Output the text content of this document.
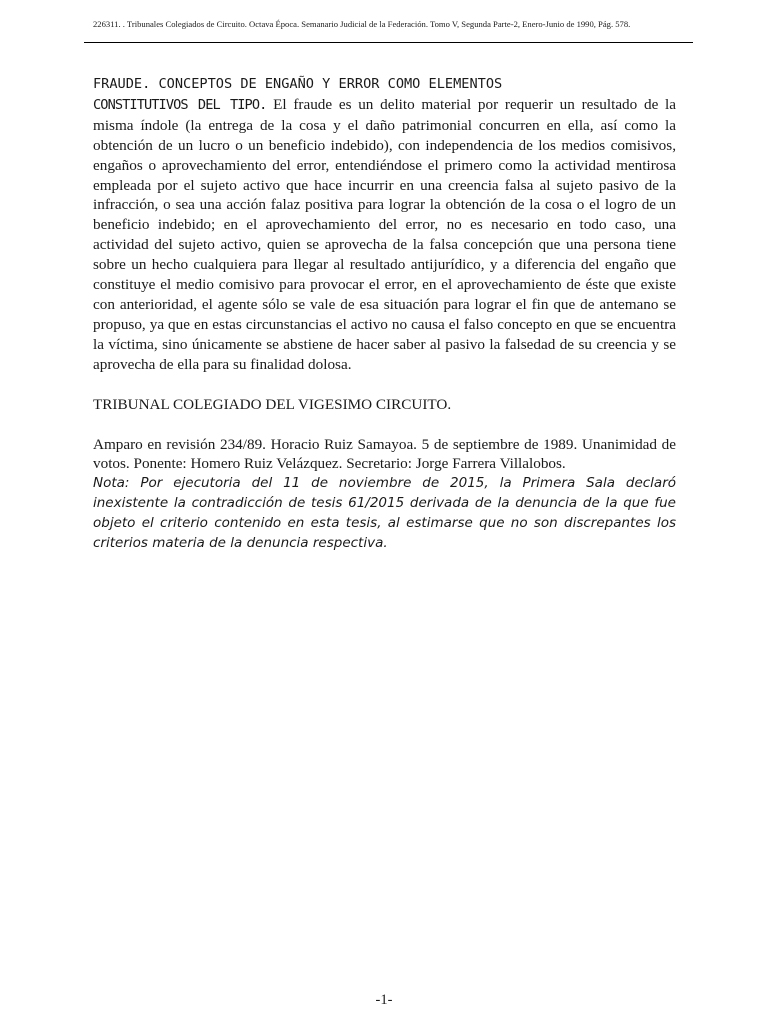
226311. . Tribunales Colegiados de Circuito. Octava Época. Semanario Judicial de la Federación. Tomo V, Segunda Parte-2, Enero-Junio de 1990, Pág. 578.

FRAUDE. CONCEPTOS DE ENGAÑO Y ERROR COMO ELEMENTOS
CONSTITUTIVOS DEL TIPO. El fraude es un delito material por requerir un resultado de la misma índole (la entrega de la cosa y el daño patrimonial concurren en ella, así como la obtención de un lucro o un beneficio indebido), con independencia de los medios comisivos, engaños o aprovechamiento del error, entendiéndose el primero como la actividad mentirosa empleada por el sujeto activo que hace incurrir en una creencia falsa al sujeto pasivo de la infracción, o sea una acción falaz positiva para lograr la obtención de la cosa o el logro de un beneficio indebido; en el aprovechamiento del error, no es necesario en todo caso, una actividad del sujeto activo, quien se aprovecha de la falsa concepción que una persona tiene sobre un hecho cualquiera para llegar al resultado antijurídico, y a diferencia del engaño que constituye el medio comisivo para provocar el error, en el aprovechamiento de éste que existe con anterioridad, el agente sólo se vale de esa situación para lograr el fin que de antemano se propuso, ya que en estas circunstancias el activo no causa el falso concepto en que se encuentra la víctima, sino únicamente se abstiene de hacer saber al pasivo la falsedad de su creencia y se aprovecha de ella para su finalidad dolosa.

TRIBUNAL COLEGIADO DEL VIGESIMO CIRCUITO.

Amparo en revisión 234/89. Horacio Ruiz Samayoa. 5 de septiembre de 1989. Unanimidad de votos. Ponente: Homero Ruiz Velázquez. Secretario: Jorge Farrera Villalobos.

Nota: Por ejecutoria del 11 de noviembre de 2015, la Primera Sala declaró inexistente la contradicción de tesis 61/2015 derivada de la denuncia de la que fue objeto el criterio contenido en esta tesis, al estimarse que no son discrepantes los criterios materia de la denuncia respectiva.

-1-
